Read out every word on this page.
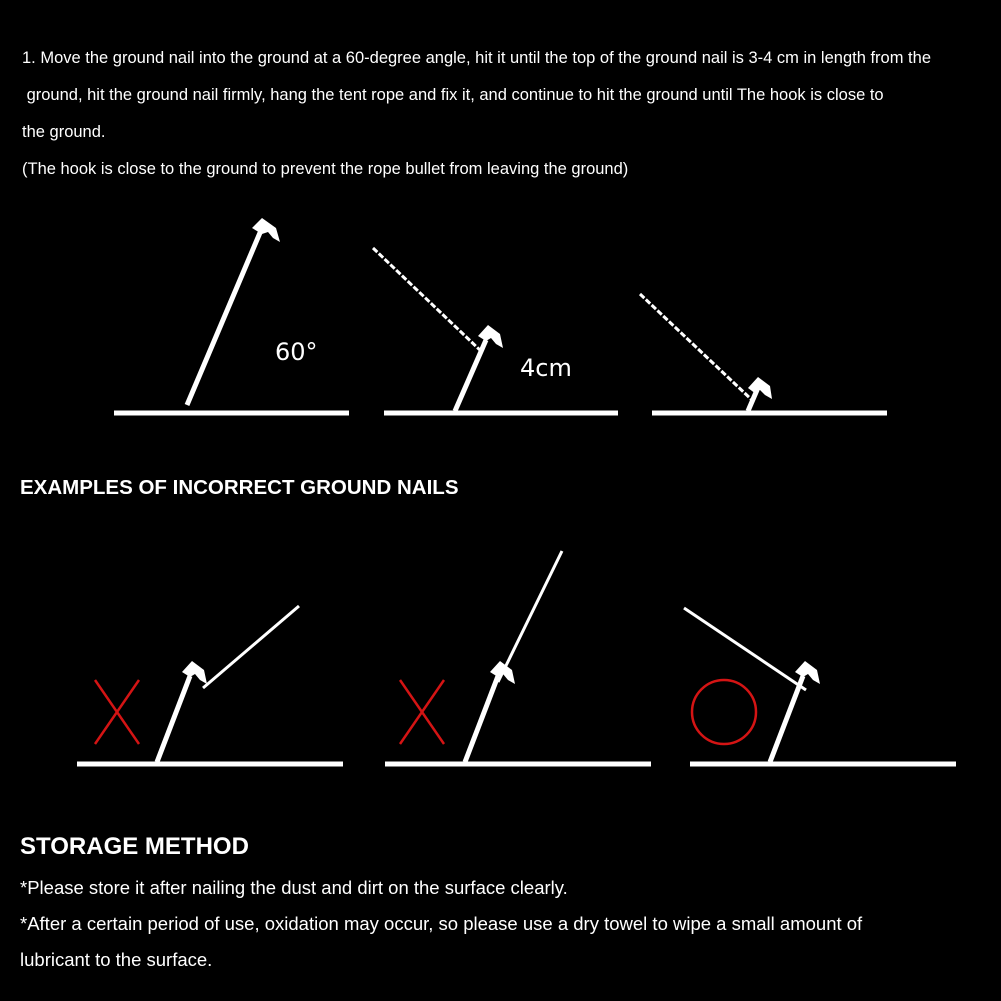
1. Move the ground nail into the ground at a 60-degree angle, hit it until the top of the ground nail is 3-4 cm in length from the
ground, hit the ground nail firmly, hang the tent rope and fix it, and continue to hit the ground until The hook is close to
the ground.
(The hook is close to the ground to prevent the rope bullet from leaving the ground)
60°
4cm
EXAMPLES OF INCORRECT GROUND NAILS
STORAGE METHOD
*Please store it after nailing the dust and dirt on the surface clearly.
*After a certain period of use, oxidation may occur, so please use a dry towel to wipe a small amount of
lubricant to the surface.
